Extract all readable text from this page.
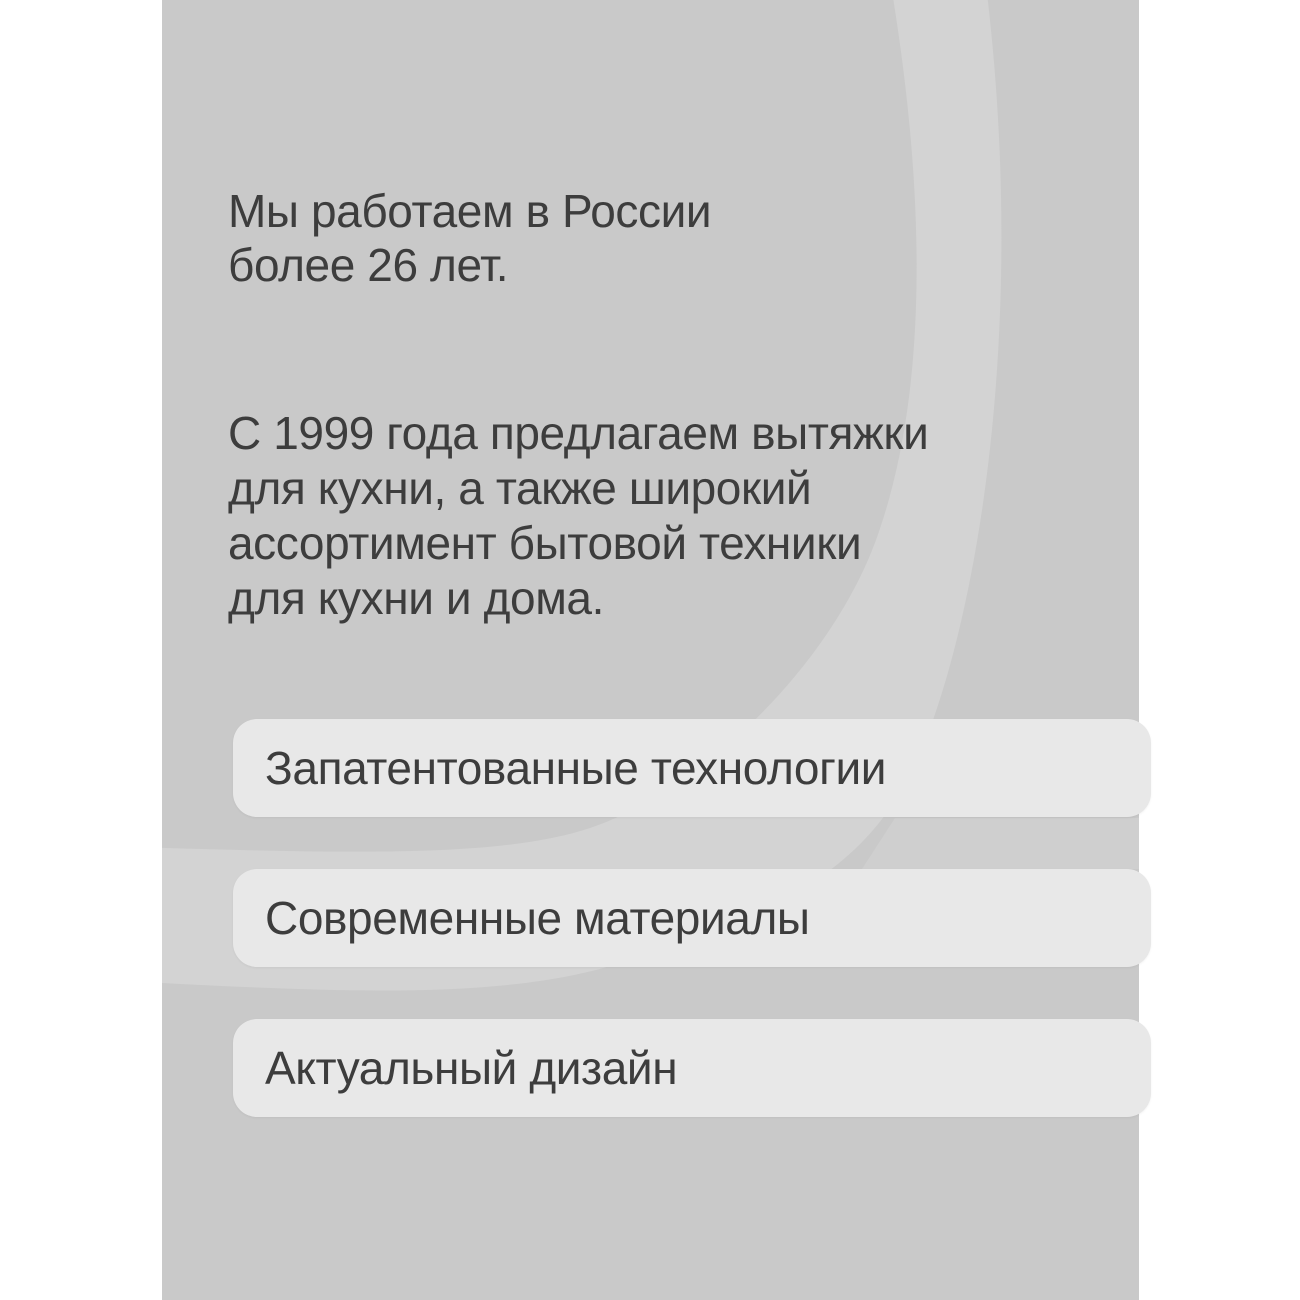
Мы работаем в России
более 26 лет.
С 1999 года предлагаем вытяжки
для кухни, а также широкий
ассортимент бытовой техники
для кухни и дома.
Запатентованные технологии
Современные материалы
Актуальный дизайн
